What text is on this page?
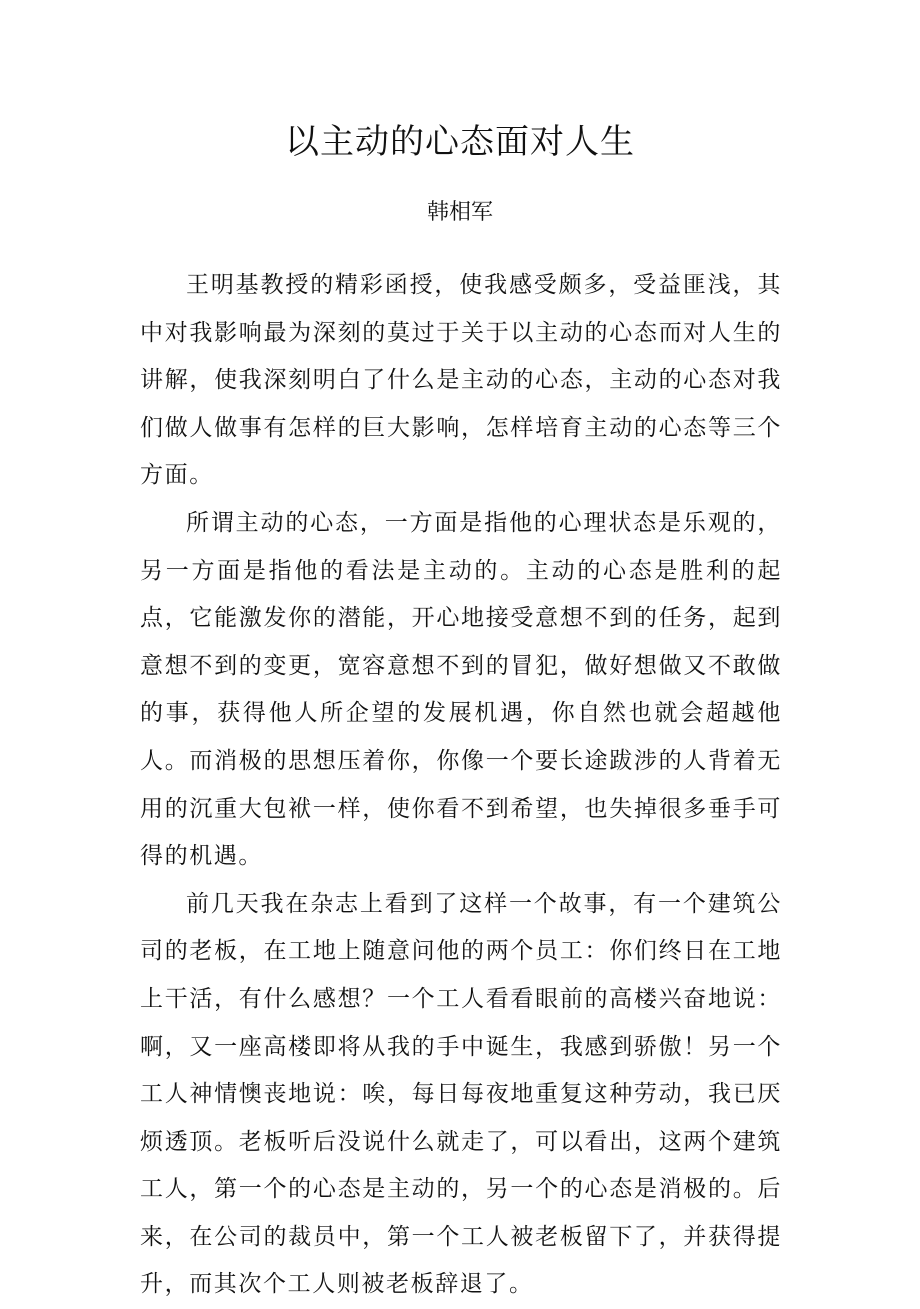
以主动的心态面对人生
韩相军

王明基教授的精彩函授，使我感受颇多，受益匪浅，其中对我影响最为深刻的莫过于关于以主动的心态而对人生的讲解，使我深刻明白了什么是主动的心态，主动的心态对我们做人做事有怎样的巨大影响，怎样培育主动的心态等三个方面。

所谓主动的心态，一方面是指他的心理状态是乐观的，另一方面是指他的看法是主动的。主动的心态是胜利的起点，它能激发你的潜能，开心地接受意想不到的任务，起到意想不到的变更，宽容意想不到的冒犯，做好想做又不敢做的事，获得他人所企望的发展机遇，你自然也就会超越他人。而消极的思想压着你，你像一个要长途跋涉的人背着无用的沉重大包袱一样，使你看不到希望，也失掉很多垂手可得的机遇。

前几天我在杂志上看到了这样一个故事，有一个建筑公司的老板，在工地上随意问他的两个员工：你们终日在工地上干活，有什么感想？一个工人看看眼前的高楼兴奋地说：啊，又一座高楼即将从我的手中诞生，我感到骄傲！另一个工人神情懊丧地说：唉，每日每夜地重复这种劳动，我已厌烦透顶。老板听后没说什么就走了，可以看出，这两个建筑工人，第一个的心态是主动的，另一个的心态是消极的。后来，在公司的裁员中，第一个工人被老板留下了，并获得提升，而其次个工人则被老板辞退了。
